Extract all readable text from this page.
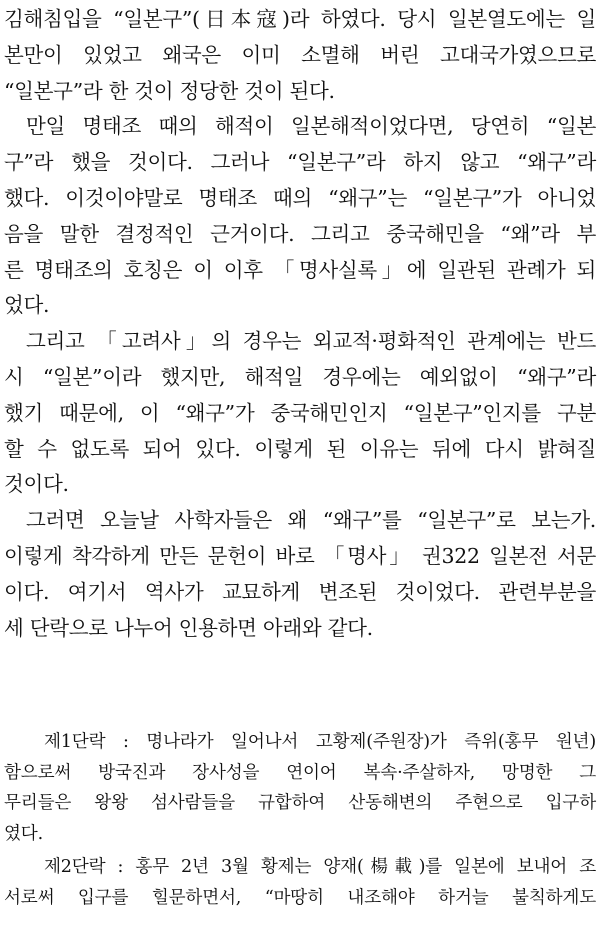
김해침입을 “일본구”(日本寇)라 하였다. 당시 일본열도에는 일
본만이 있었고 왜국은 이미 소멸해 버린 고대국가였으므로
“일본구”라 한 것이 정당한 것이 된다.
만일 명태조 때의 해적이 일본해적이었다면, 당연히 “일본
구”라 했을 것이다. 그러나 “일본구”라 하지 않고 “왜구”라
했다. 이것이야말로 명태조 때의 “왜구”는 “일본구”가 아니었
음을 말한 결정적인 근거이다. 그리고 중국해민을 “왜”라 부
른 명태조의 호칭은 이 이후 「명사실록」에 일관된 관례가 되
었다.
그리고 「고려사」의 경우는 외교적·평화적인 관계에는 반드
시 “일본”이라 했지만, 해적일 경우에는 예외없이 “왜구”라
했기 때문에, 이 “왜구”가 중국해민인지 “일본구”인지를 구분
할 수 없도록 되어 있다. 이렇게 된 이유는 뒤에 다시 밝혀질
것이다.
그러면 오늘날 사학자들은 왜 “왜구”를 “일본구”로 보는가.
이렇게 착각하게 만든 문헌이 바로 「명사」 권322 일본전 서문
이다. 여기서 역사가 교묘하게 변조된 것이었다. 관련부분을
세 단락으로 나누어 인용하면 아래와 같다.
제1단락 : 명나라가 일어나서 고황제(주원장)가 즉위(홍무 원년)
함으로써 방국진과 장사성을 연이어 복속·주살하자, 망명한 그
무리들은 왕왕 섬사람들을 규합하여 산동해변의 주현으로 입구하
였다.
제2단락 : 홍무 2년 3월 황제는 양재(楊載)를 일본에 보내어 조
서로써 입구를 힐문하면서, “마땅히 내조해야 하거늘 불칙하게도
